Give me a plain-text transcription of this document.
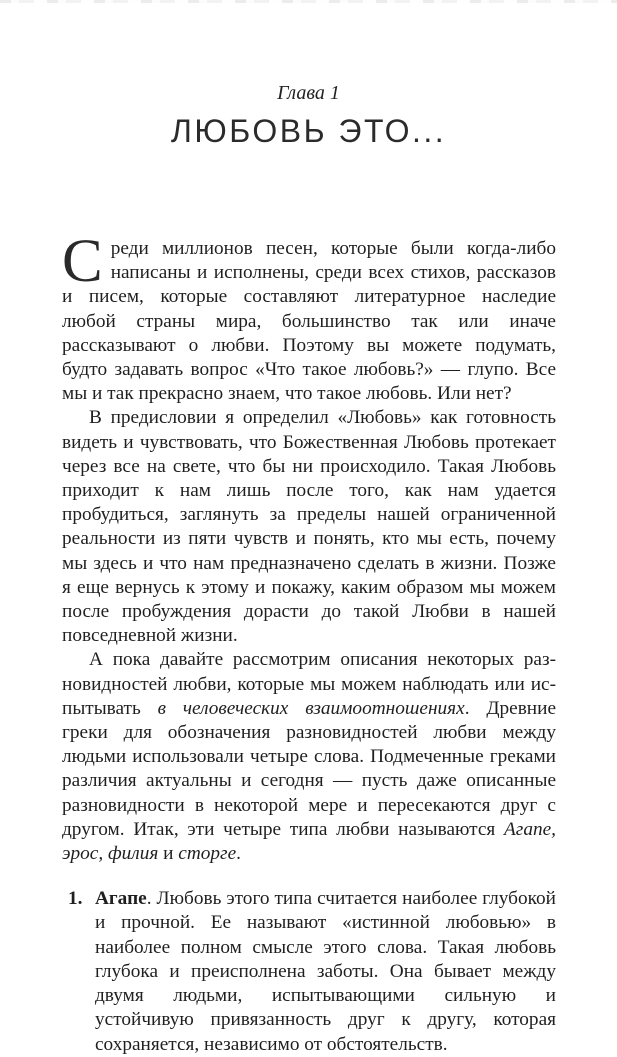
Глава 1
ЛЮБОВЬ ЭТО...

Среди миллионов песен, которые были когда-либо написаны и исполнены, среди всех стихов, рассказов и писем, которые составляют литературное наследие любой страны мира, большинство так или иначе рассказывают о любви. Поэтому вы можете подумать, будто задавать вопрос «Что такое любовь?» — глупо. Все мы и так прекрасно знаем, что такое любовь. Или нет?

В предисловии я определил «Любовь» как готовность видеть и чувствовать, что Божественная Любовь протекает через все на свете, что бы ни происходило. Такая Любовь приходит к нам лишь после того, как нам удается пробудиться, заглянуть за пределы нашей ограниченной реальности из пяти чувств и понять, кто мы есть, почему мы здесь и что нам предназначено сделать в жизни. Позже я еще вернусь к этому и покажу, каким образом мы можем после пробуждения дорасти до такой Любви в нашей повседневной жизни.

А пока давайте рассмотрим описания некоторых разновидностей любви, которые мы можем наблюдать или испытывать в человеческих взаимоотношениях. Древние греки для обозначения разновидностей любви между людьми использовали четыре слова. Подмеченные греками различия актуальны и сегодня — пусть даже описанные разновидности в некоторой мере и пересекаются друг с другом. Итак, эти четыре типа любви называются Агапе, эрос, филия и сторге.

1. Агапе. Любовь этого типа считается наиболее глубокой и прочной. Ее называют «истинной любовью» в наиболее полном смысле этого слова. Такая любовь глубока и преисполнена заботы. Она бывает между двумя людьми, испытывающими сильную и устойчивую привязанность друг к другу, которая сохраняется, независимо от обстоятельств.
